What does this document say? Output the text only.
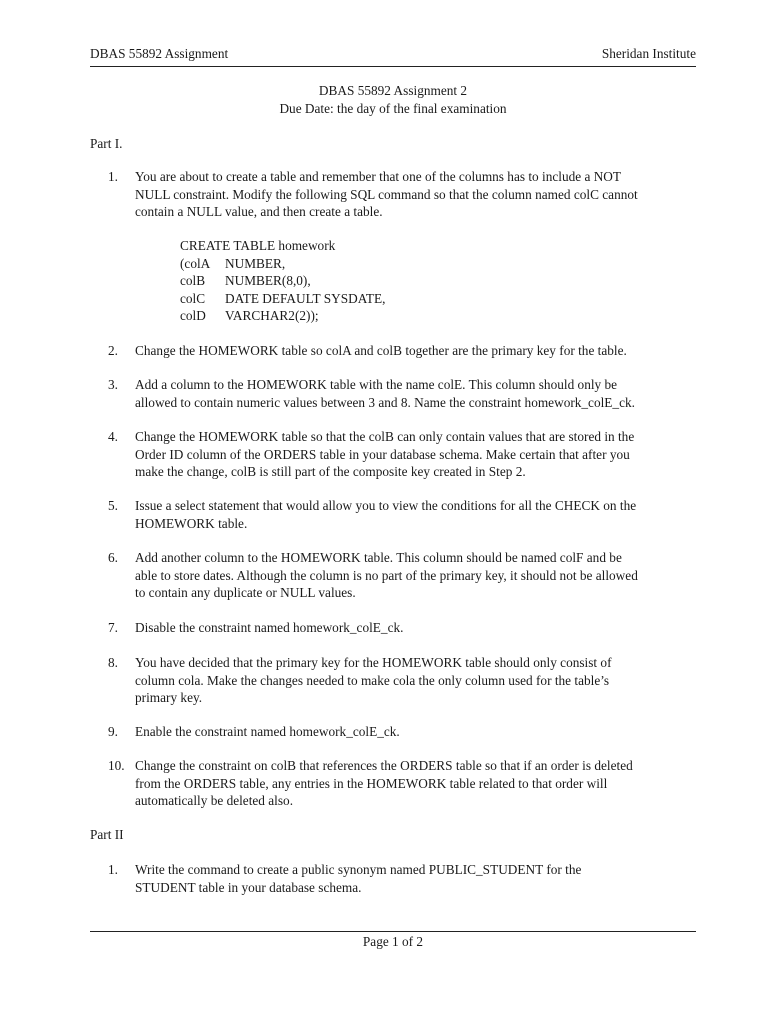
DBAS 55892 Assignment	Sheridan Institute
DBAS 55892 Assignment 2
Due Date: the day of the final examination
Part I.
1.	You are about to create a table and remember that one of the columns has to include a NOT
NULL constraint. Modify the following SQL command so that the column named colC cannot
contain a NULL value, and then create a table.
CREATE TABLE homework
(colA	NUMBER,
colB	NUMBER(8,0),
colC	DATE DEFAULT SYSDATE,
colD	VARCHAR2(2));
2.	Change the HOMEWORK table so colA and colB together are the primary key for the table.
3.	Add a column to the HOMEWORK table with the name colE. This column should only be
allowed to contain numeric values between 3 and 8. Name the constraint homework_colE_ck.
4.	Change the HOMEWORK table so that the colB can only contain values that are stored in the
Order ID column of the ORDERS table in your database schema. Make certain that after you
make the change, colB is still part of the composite key created in Step 2.
5.	Issue a select statement that would allow you to view the conditions for all the CHECK on the
HOMEWORK table.
6.	Add another column to the HOMEWORK table. This column should be named colF and be
able to store dates. Although the column is no part of the primary key, it should not be allowed
to contain any duplicate or NULL values.
7.	Disable the constraint named homework_colE_ck.
8.	You have decided that the primary key for the HOMEWORK table should only consist of
column cola. Make the changes needed to make cola the only column used for the table’s
primary key.
9.	Enable the constraint named homework_colE_ck.
10. Change the constraint on colB that references the ORDERS table so that if an order is deleted
from the ORDERS table, any entries in the HOMEWORK table related to that order will
automatically be deleted also.
Part II
1.	Write the command to create a public synonym named PUBLIC_STUDENT for the
STUDENT table in your database schema.
Page 1 of 2
